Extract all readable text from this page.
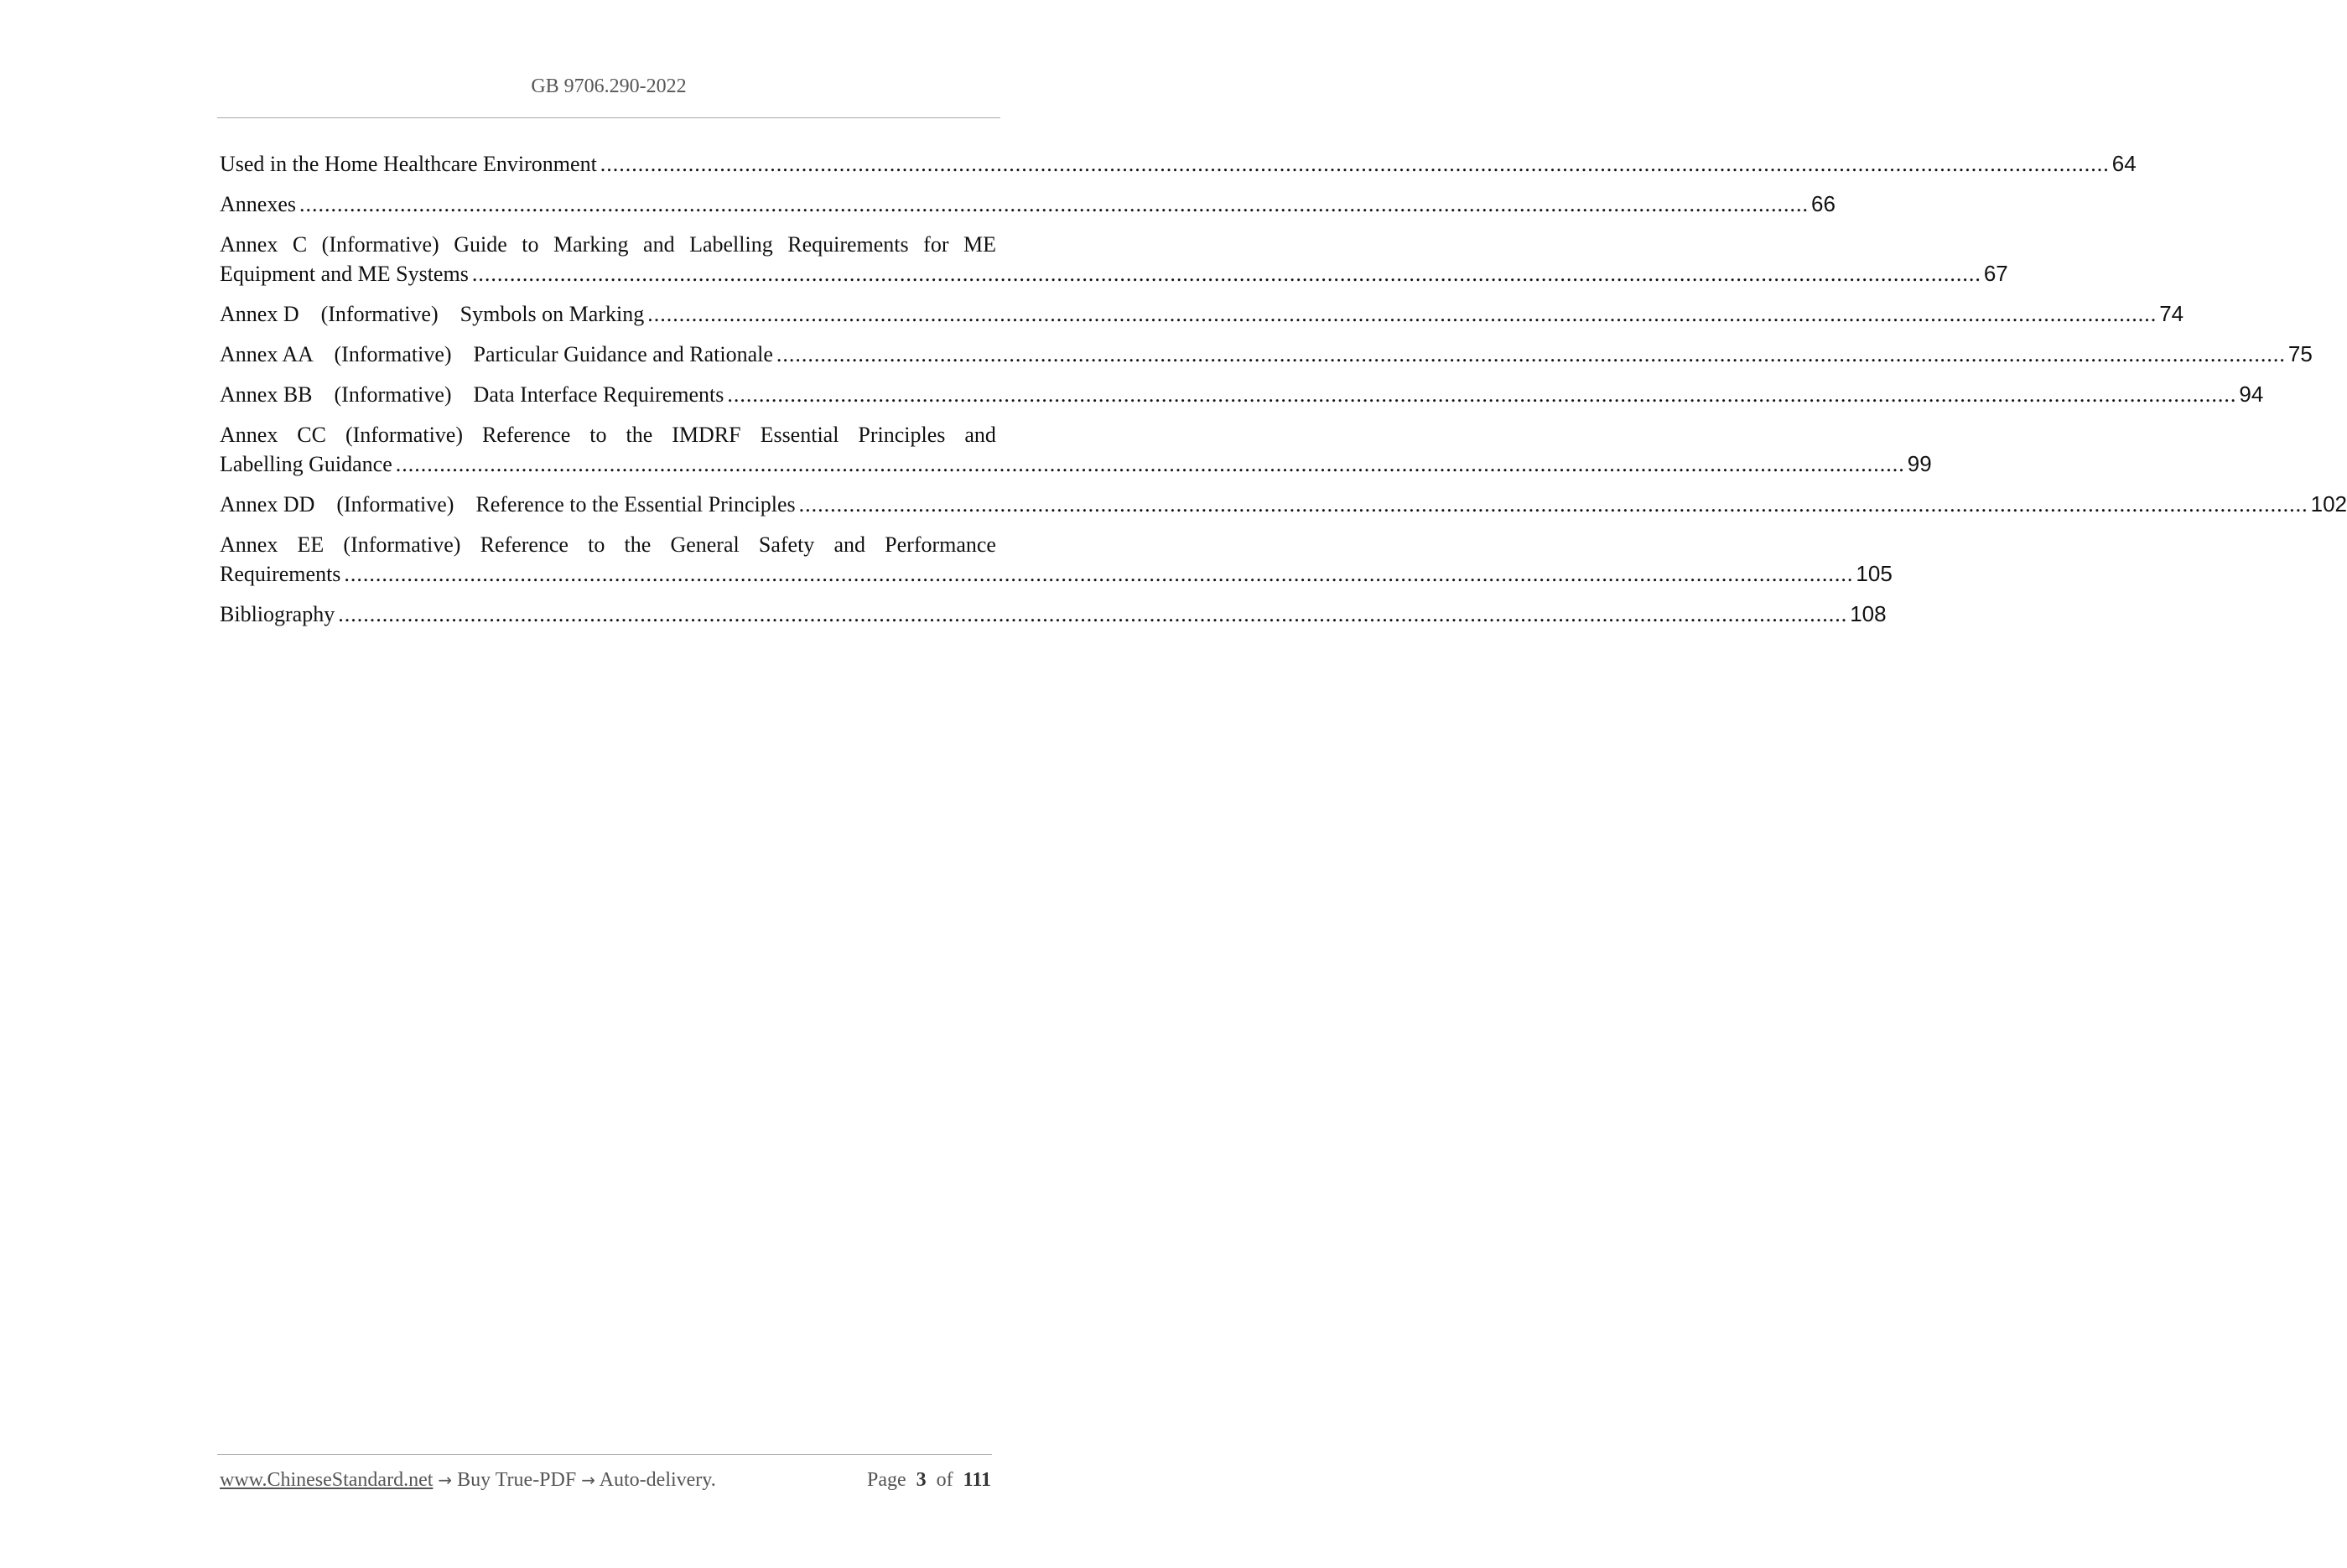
GB 9706.290-2022
Used in the Home Healthcare Environment ................................................................................................................................................................................................................................................ 64
Annexes ................................................................................................................................................................................................................................................ 66
Annex C (Informative) Guide to Marking and Labelling Requirements for ME
Equipment and ME Systems ................................................................................................................................................................................................................................................ 67
Annex D    (Informative)    Symbols on Marking ................................................................................................................................................................................................................................................ 74
Annex AA    (Informative)    Particular Guidance and Rationale ................................................................................................................................................................................................................................................ 75
Annex BB    (Informative)    Data Interface Requirements ................................................................................................................................................................................................................................................ 94
Annex CC (Informative) Reference to the IMDRF Essential Principles and
Labelling Guidance ................................................................................................................................................................................................................................................ 99
Annex DD    (Informative)    Reference to the Essential Principles ................................................................................................................................................................................................................................................ 102
Annex EE (Informative) Reference to the General Safety and Performance
Requirements ................................................................................................................................................................................................................................................ 105
Bibliography ................................................................................................................................................................................................................................................ 108
www.ChineseStandard.net → Buy True-PDF → Auto-delivery.	Page 3 of 111
